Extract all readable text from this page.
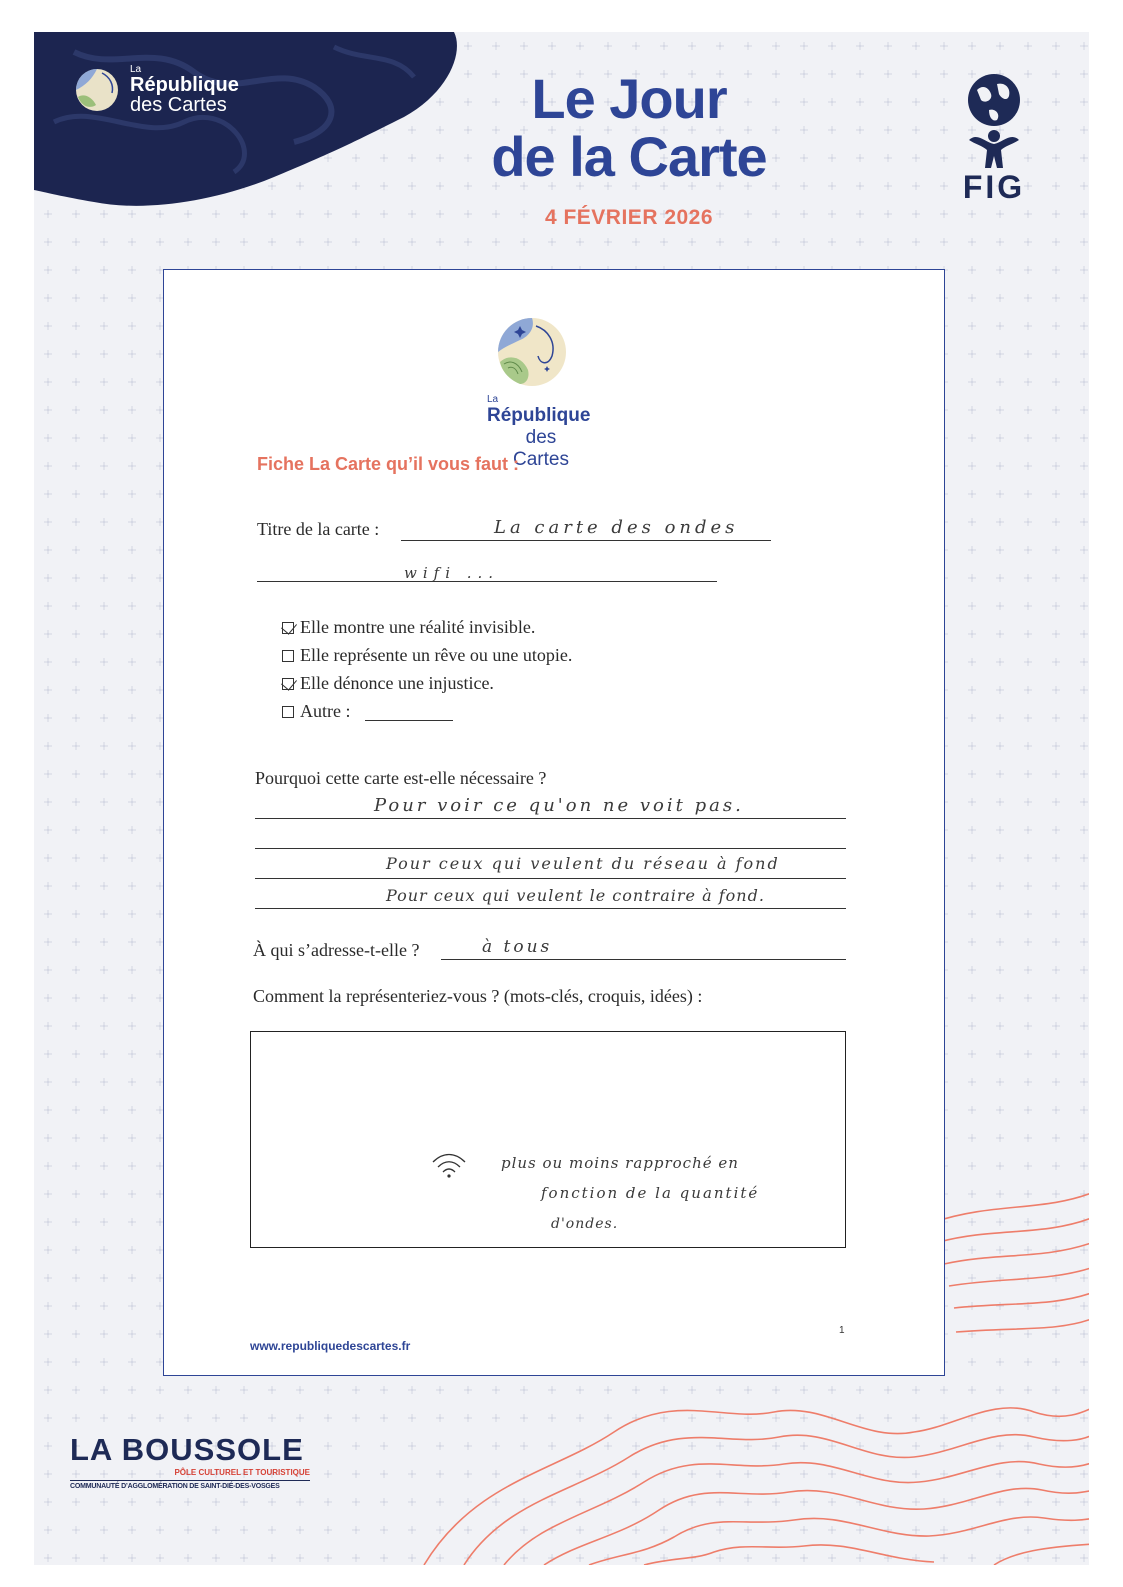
La
République
des Cartes	Le Jour
de la Carte
4 FÉVRIER 2026
FIG
LA BOUSSOLE
PÔLE CULTUREL ET TOURISTIQUE
COMMUNAUTÉ D’AGGLOMÉRATION DE SAINT-DIÉ-DES-VOSGES
La
République
des Cartes
Fiche La Carte qu’il vous faut :
Titre de la carte :	La carte des ondes
wifi ...
Elle montre une réalité invisible.
Elle représente un rêve ou une utopie.
Elle dénonce une injustice.
Autre :
Pourquoi cette carte est-elle nécessaire ?
Pour voir ce qu'on ne voit pas.
Pour ceux qui veulent du réseau à fond
Pour ceux qui veulent le contraire à fond.
À qui s’adresse-t-elle ?	à tous
Comment la représenteriez-vous ? (mots-clés, croquis, idées) :
plus ou moins rapproché en
fonction de la quantité
d'ondes.
1
www.republiquedescartes.fr
